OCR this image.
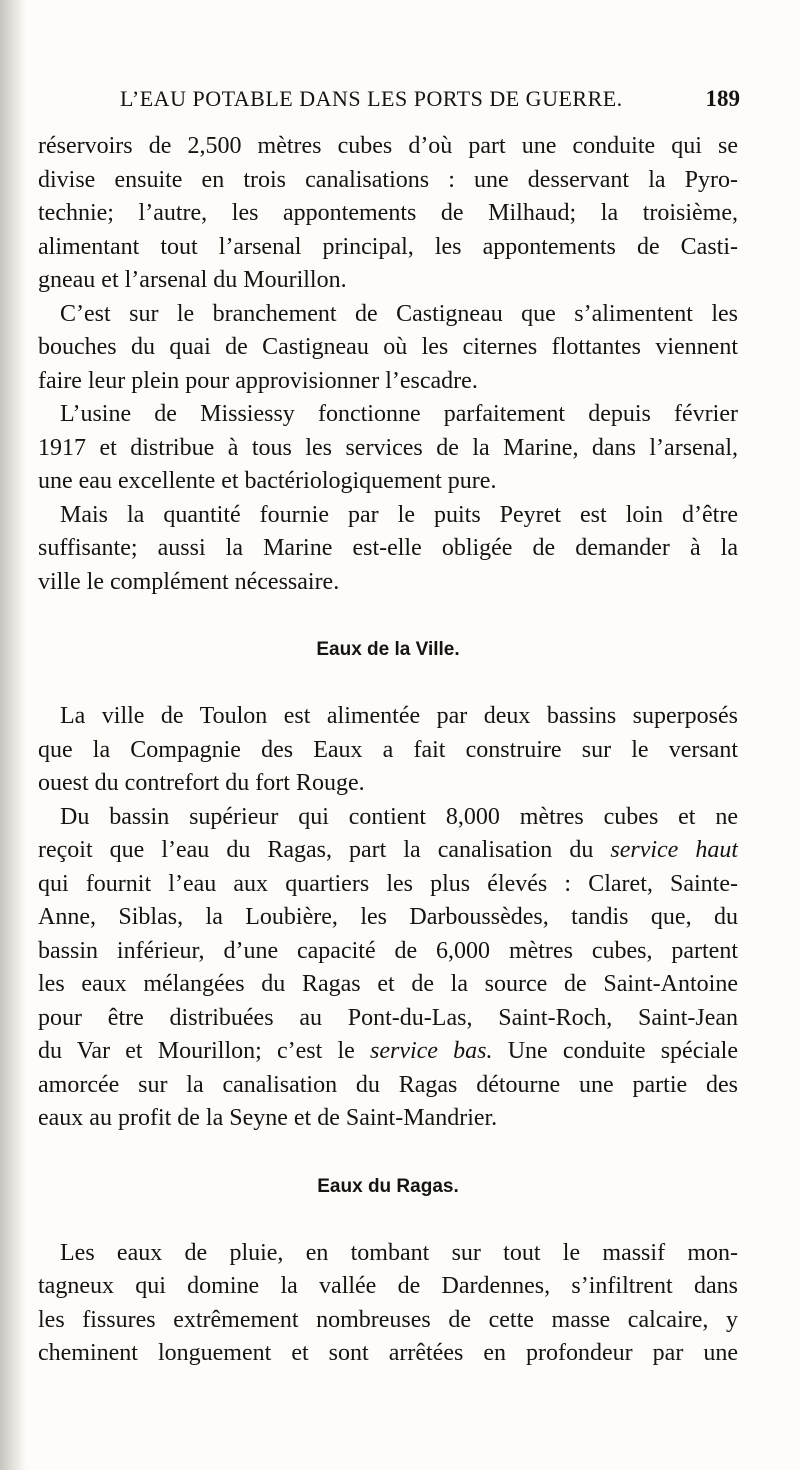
L’EAU POTABLE DANS LES PORTS DE GUERRE.	189
réservoirs de 2,500 mètres cubes d’où part une conduite qui se
divise ensuite en trois canalisations : une desservant la Pyro-
technie; l’autre, les appontements de Milhaud; la troisième,
alimentant tout l’arsenal principal, les appontements de Casti-
gneau et l’arsenal du Mourillon.
C’est sur le branchement de Castigneau que s’alimentent les
bouches du quai de Castigneau où les citernes flottantes viennent
faire leur plein pour approvisionner l’escadre.
L’usine de Missiessy fonctionne parfaitement depuis février
1917 et distribue à tous les services de la Marine, dans l’arsenal,
une eau excellente et bactériologiquement pure.
Mais la quantité fournie par le puits Peyret est loin d’être
suffisante; aussi la Marine est-elle obligée de demander à la
ville le complément nécessaire.
Eaux de la Ville.
La ville de Toulon est alimentée par deux bassins superposés
que la Compagnie des Eaux a fait construire sur le versant
ouest du contrefort du fort Rouge.
Du bassin supérieur qui contient 8,000 mètres cubes et ne
reçoit que l’eau du Ragas, part la canalisation du service haut
qui fournit l’eau aux quartiers les plus élevés : Claret, Sainte-
Anne, Siblas, la Loubière, les Darboussèdes, tandis que, du
bassin inférieur, d’une capacité de 6,000 mètres cubes, partent
les eaux mélangées du Ragas et de la source de Saint-Antoine
pour être distribuées au Pont-du-Las, Saint-Roch, Saint-Jean
du Var et Mourillon; c’est le service bas. Une conduite spéciale
amorcée sur la canalisation du Ragas détourne une partie des
eaux au profit de la Seyne et de Saint-Mandrier.
Eaux du Ragas.
Les eaux de pluie, en tombant sur tout le massif mon-
tagneux qui domine la vallée de Dardennes, s’infiltrent dans
les fissures extrêmement nombreuses de cette masse calcaire, y
cheminent longuement et sont arrêtées en profondeur par une
